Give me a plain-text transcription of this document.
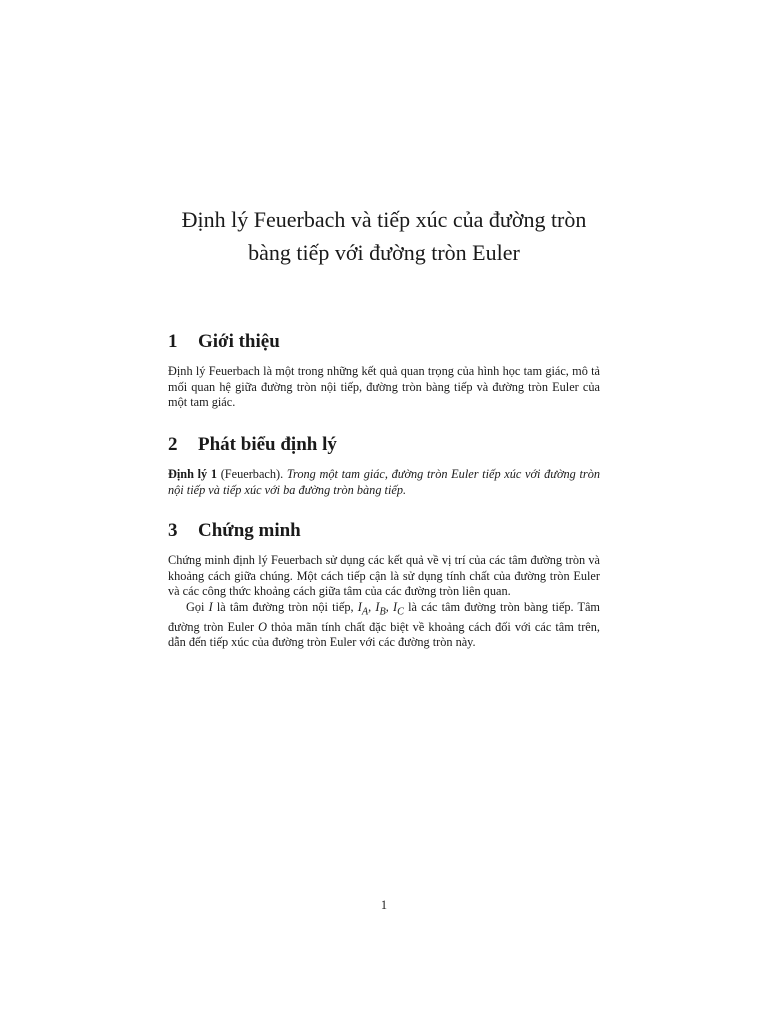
Định lý Feuerbach và tiếp xúc của đường tròn
bàng tiếp với đường tròn Euler
1 Giới thiệu

Định lý Feuerbach là một trong những kết quả quan trọng của hình học tam giác, mô tả mối quan hệ giữa đường tròn nội tiếp, đường tròn bàng tiếp và đường tròn Euler của một tam giác.

2 Phát biểu định lý

Định lý 1 (Feuerbach). Trong một tam giác, đường tròn Euler tiếp xúc với đường tròn nội tiếp và tiếp xúc với ba đường tròn bàng tiếp.

3 Chứng minh

Chứng minh định lý Feuerbach sử dụng các kết quả về vị trí của các tâm đường tròn và khoảng cách giữa chúng. Một cách tiếp cận là sử dụng tính chất của đường tròn Euler và các công thức khoảng cách giữa tâm của các đường tròn liên quan.

Gọi I là tâm đường tròn nội tiếp, $I_A$, $I_B$, $I_C$ là các tâm đường tròn bàng tiếp. Tâm đường tròn Euler O thỏa mãn tính chất đặc biệt về khoảng cách đối với các tâm trên, dẫn đến tiếp xúc của đường tròn Euler với các đường tròn này.

1
